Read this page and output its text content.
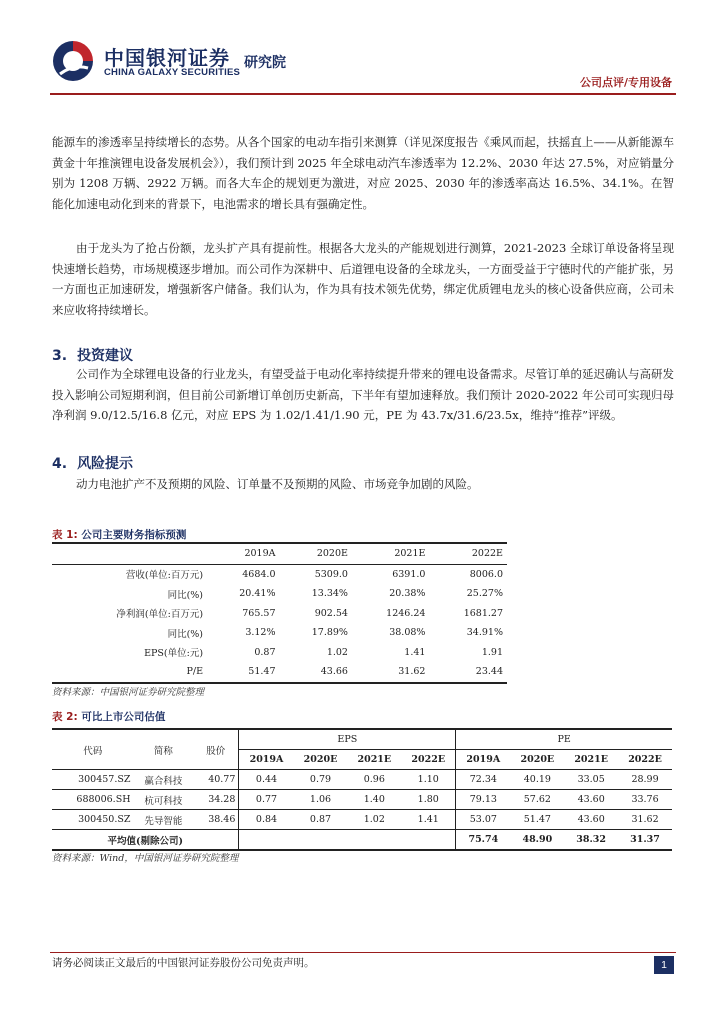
中国银河证券
CHINA GALAXY SECURITIES
研究院
公司点评/专用设备

能源车的渗透率呈持续增长的态势。从各个国家的电动车指引来测算（详见深度报告《乘风而起，扶摇直上——从新能源车黄金十年推演锂电设备发展机会》），我们预计到 2025 年全球电动汽车渗透率为 12.2%、2030 年达 27.5%，对应销量分别为 1208 万辆、2922 万辆。而各大车企的规划更为激进，对应 2025、2030 年的渗透率高达 16.5%、34.1%。在智能化加速电动化到来的背景下，电池需求的增长具有强确定性。

由于龙头为了抢占份额，龙头扩产具有提前性。根据各大龙头的产能规划进行测算，2021-2023 全球订单设备将呈现快速增长趋势，市场规模逐步增加。而公司作为深耕中、后道锂电设备的全球龙头，一方面受益于宁德时代的产能扩张，另一方面也正加速研发，增强新客户储备。我们认为，作为具有技术领先优势，绑定优质锂电龙头的核心设备供应商，公司未来应收将持续增长。

3. 投资建议

公司作为全球锂电设备的行业龙头，有望受益于电动化率持续提升带来的锂电设备需求。尽管订单的延迟确认与高研发投入影响公司短期利润，但目前公司新增订单创历史新高，下半年有望加速释放。我们预计 2020-2022 年公司可实现归母净利润 9.0/12.5/16.8 亿元，对应 EPS 为 1.02/1.41/1.90 元，PE 为 43.7x/31.6/23.5x，维持“推荐”评级。

4. 风险提示

动力电池扩产不及预期的风险、订单量不及预期的风险、市场竞争加剧的风险。

表 1: 公司主要财务指标预测
	2019A	2020E	2021E	2022E
营收(单位:百万元)	4684.0	5309.0	6391.0	8006.0
同比(%)	20.41%	13.34%	20.38%	25.27%
净利润(单位:百万元)	765.57	902.54	1246.24	1681.27
同比(%)	3.12%	17.89%	38.08%	34.91%
EPS(单位:元)	0.87	1.02	1.41	1.91
P/E	51.47	43.66	31.62	23.44
资料来源：中国银河证券研究院整理
表 2: 可比上市公司估值
代码	简称	股价	EPS				PE			
			2019A	2020E	2021E	2022E	2019A	2020E	2021E	2022E
300457.SZ	赢合科技	40.77	0.44	0.79	0.96	1.10	72.34	40.19	33.05	28.99
688006.SH	杭可科技	34.28	0.77	1.06	1.40	1.80	79.13	57.62	43.60	33.76
300450.SZ	先导智能	38.46	0.84	0.87	1.02	1.41	53.07	51.47	43.60	31.62
平均值(剔除公司)							75.74	48.90	38.32	31.37
资料来源：Wind，中国银河证券研究院整理
请务必阅读正文最后的中国银河证券股份公司免责声明。	1
